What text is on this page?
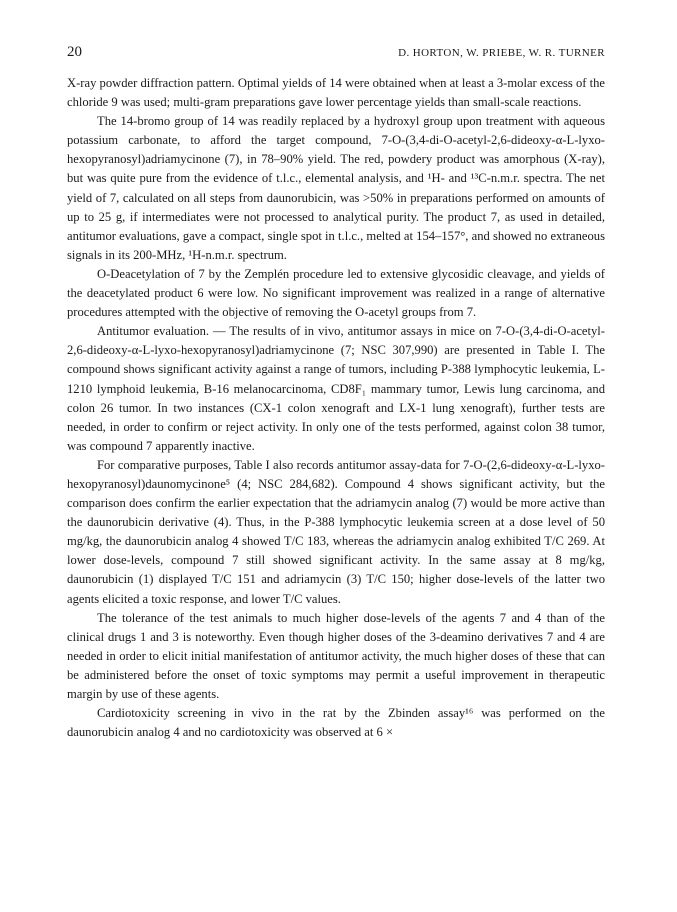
20	D. HORTON, W. PRIEBE, W. R. TURNER

X-ray powder diffraction pattern. Optimal yields of 14 were obtained when at least a 3-molar excess of the chloride 9 was used; multi-gram preparations gave lower percentage yields than small-scale reactions.

The 14-bromo group of 14 was readily replaced by a hydroxyl group upon treatment with aqueous potassium carbonate, to afford the target compound, 7-O-(3,4-di-O-acetyl-2,6-dideoxy-α-L-lyxo-hexopyranosyl)adriamycinone (7), in 78–90% yield. The red, powdery product was amorphous (X-ray), but was quite pure from the evidence of t.l.c., elemental analysis, and ¹H- and ¹³C-n.m.r. spectra. The net yield of 7, calculated on all steps from daunorubicin, was >50% in preparations performed on amounts of up to 25 g, if intermediates were not processed to analytical purity. The product 7, as used in detailed, antitumor evaluations, gave a compact, single spot in t.l.c., melted at 154–157°, and showed no extraneous signals in its 200-MHz, ¹H-n.m.r. spectrum.

O-Deacetylation of 7 by the Zemplén procedure led to extensive glycosidic cleavage, and yields of the deacetylated product 6 were low. No significant improvement was realized in a range of alternative procedures attempted with the objective of removing the O-acetyl groups from 7.

Antitumor evaluation. — The results of in vivo, antitumor assays in mice on 7-O-(3,4-di-O-acetyl-2,6-dideoxy-α-L-lyxo-hexopyranosyl)adriamycinone (7; NSC 307,990) are presented in Table I. The compound shows significant activity against a range of tumors, including P-388 lymphocytic leukemia, L-1210 lymphoid leukemia, B-16 melanocarcinoma, CD8F₁ mammary tumor, Lewis lung carcinoma, and colon 26 tumor. In two instances (CX-1 colon xenograft and LX-1 lung xenograft), further tests are needed, in order to confirm or reject activity. In only one of the tests performed, against colon 38 tumor, was compound 7 apparently inactive.

For comparative purposes, Table I also records antitumor assay-data for 7-O-(2,6-dideoxy-α-L-lyxo-hexopyranosyl)daunomycinone⁵ (4; NSC 284,682). Compound 4 shows significant activity, but the comparison does confirm the earlier expectation that the adriamycin analog (7) would be more active than the daunorubicin derivative (4). Thus, in the P-388 lymphocytic leukemia screen at a dose level of 50 mg/kg, the daunorubicin analog 4 showed T/C 183, whereas the adriamycin analog exhibited T/C 269. At lower dose-levels, compound 7 still showed significant activity. In the same assay at 8 mg/kg, daunorubicin (1) displayed T/C 151 and adriamycin (3) T/C 150; higher dose-levels of the latter two agents elicited a toxic response, and lower T/C values.

The tolerance of the test animals to much higher dose-levels of the agents 7 and 4 than of the clinical drugs 1 and 3 is noteworthy. Even though higher doses of the 3-deamino derivatives 7 and 4 are needed in order to elicit initial manifestation of antitumor activity, the much higher doses of these that can be administered before the onset of toxic symptoms may permit a useful improvement in therapeutic margin by use of these agents.

Cardiotoxicity screening in vivo in the rat by the Zbinden assay¹⁶ was performed on the daunorubicin analog 4 and no cardiotoxicity was observed at 6 ×
